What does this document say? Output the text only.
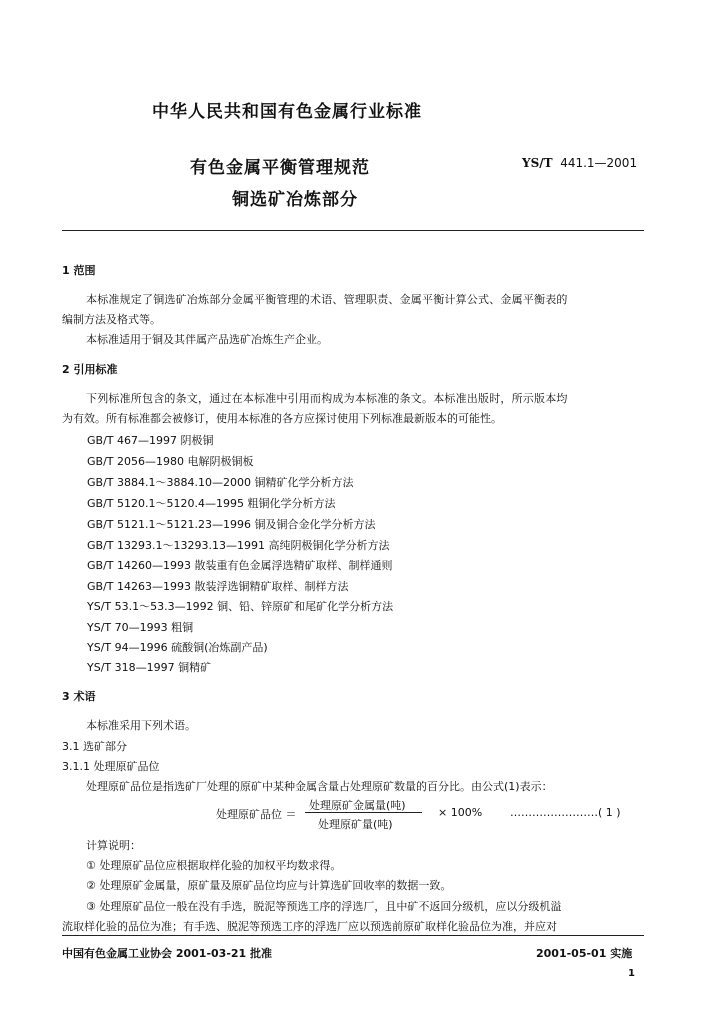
中华人民共和国有色金属行业标准
有色金属平衡管理规范
铜选矿冶炼部分
YS/T 441.1—2001
1 范围
本标准规定了铜选矿冶炼部分金属平衡管理的术语、管理职责、金属平衡计算公式、金属平衡表的
编制方法及格式等。
本标准适用于铜及其伴属产品选矿冶炼生产企业。
2 引用标准
下列标准所包含的条文，通过在本标准中引用而构成为本标准的条文。本标准出版时，所示版本均
为有效。所有标准都会被修订，使用本标准的各方应探讨使用下列标准最新版本的可能性。
GB/T 467—1997 阴极铜
GB/T 2056—1980 电解阴极铜板
GB/T 3884.1～3884.10—2000 铜精矿化学分析方法
GB/T 5120.1～5120.4—1995 粗铜化学分析方法
GB/T 5121.1～5121.23—1996 铜及铜合金化学分析方法
GB/T 13293.1～13293.13—1991 高纯阴极铜化学分析方法
GB/T 14260—1993 散装重有色金属浮选精矿取样、制样通则
GB/T 14263—1993 散装浮选铜精矿取样、制样方法
YS/T 53.1～53.3—1992 铜、铅、锌原矿和尾矿化学分析方法
YS/T 70—1993 粗铜
YS/T 94—1996 硫酸铜(冶炼副产品)
YS/T 318—1997 铜精矿
3 术语
本标准采用下列术语。
3.1 选矿部分
3.1.1 处理原矿品位
处理原矿品位是指选矿厂处理的原矿中某种金属含量占处理原矿数量的百分比。由公式(1)表示：
处理原矿品位 ＝
处理原矿金属量(吨)
处理原矿量(吨)
× 100%	……………………( 1 )
计算说明：
① 处理原矿品位应根据取样化验的加权平均数求得。
② 处理原矿金属量，原矿量及原矿品位均应与计算选矿回收率的数据一致。
③ 处理原矿品位一般在没有手选，脱泥等预选工序的浮选厂，且中矿不返回分级机，应以分级机溢
流取样化验的品位为准；有手选、脱泥等预选工序的浮选厂应以预选前原矿取样化验品位为准，并应对
中国有色金属工业协会 2001-03-21 批准	2001-05-01 实施
1
